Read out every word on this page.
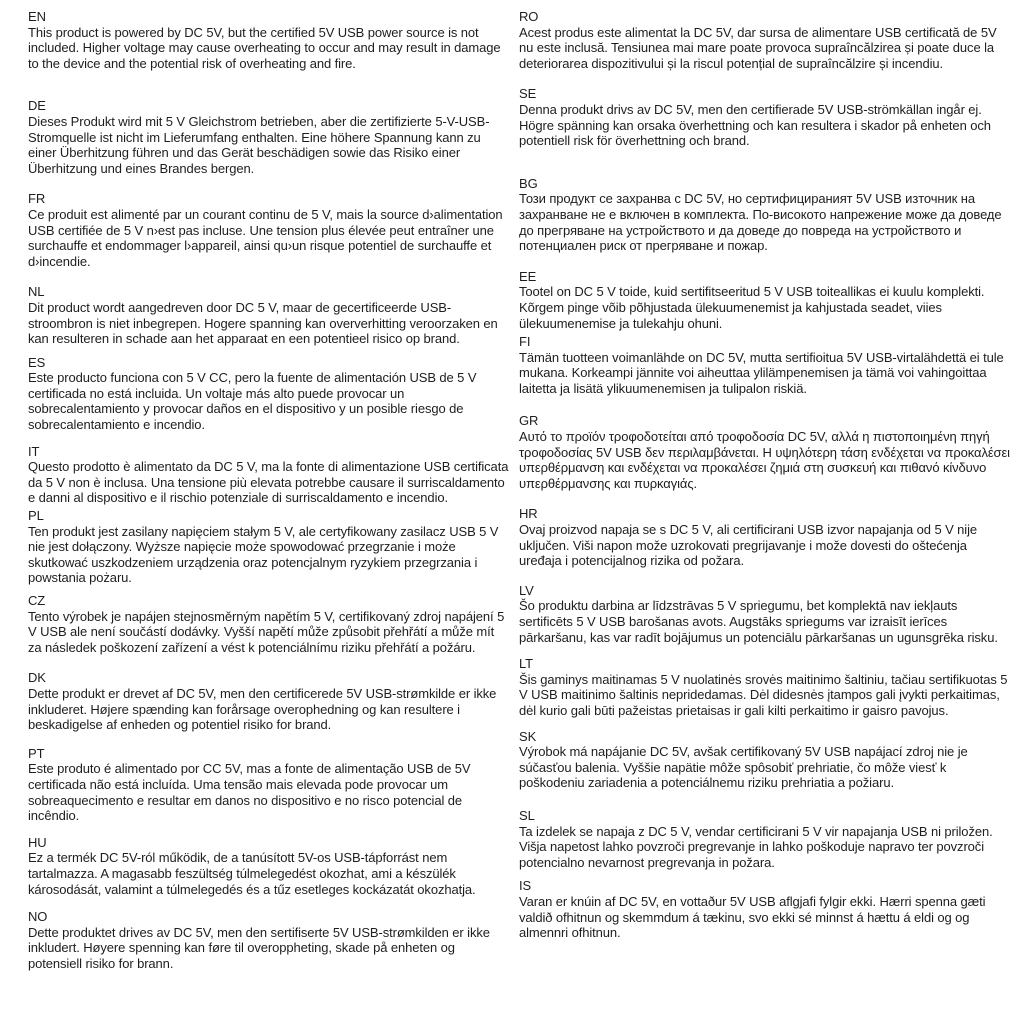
EN
This product is powered by DC 5V, but the certified 5V USB power source is not included. Higher voltage may cause overheating to occur and may result in damage to the device and the potential risk of overheating and fire.
DE
Dieses Produkt wird mit 5 V Gleichstrom betrieben, aber die zertifizierte 5-V-USB-Stromquelle ist nicht im Lieferumfang enthalten. Eine höhere Spannung kann zu einer Überhitzung führen und das Gerät beschädigen sowie das Risiko einer Überhitzung und eines Brandes bergen.
FR
Ce produit est alimenté par un courant continu de 5 V, mais la source d›alimentation USB certifiée de 5 V n›est pas incluse. Une tension plus élevée peut entraîner une surchauffe et endommager l›appareil, ainsi qu›un risque potentiel de surchauffe et d›incendie.
NL
Dit product wordt aangedreven door DC 5 V, maar de gecertificeerde USB-stroombron is niet inbegrepen. Hogere spanning kan oververhitting veroorzaken en kan resulteren in schade aan het apparaat en een potentieel risico op brand.
ES
Este producto funciona con 5 V CC, pero la fuente de alimentación USB de 5 V certificada no está incluida. Un voltaje más alto puede provocar un sobrecalentamiento y provocar daños en el dispositivo y un posible riesgo de sobrecalentamiento e incendio.
IT
Questo prodotto è alimentato da DC 5 V, ma la fonte di alimentazione USB certificata da 5 V non è inclusa. Una tensione più elevata potrebbe causare il surriscaldamento e danni al dispositivo e il rischio potenziale di surriscaldamento e incendio.
PL
Ten produkt jest zasilany napięciem stałym 5 V, ale certyfikowany zasilacz USB 5 V nie jest dołączony. Wyższe napięcie może spowodować przegrzanie i może skutkować uszkodzeniem urządzenia oraz potencjalnym ryzykiem przegrzania i powstania pożaru.
CZ
Tento výrobek je napájen stejnosměrným napětím 5 V, certifikovaný zdroj napájení 5 V USB ale není součástí dodávky. Vyšší napětí může způsobit přehřátí a může mít za následek poškození zařízení a vést k potenciálnímu riziku přehřátí a požáru.
DK
Dette produkt er drevet af DC 5V, men den certificerede 5V USB-strømkilde er ikke inkluderet. Højere spænding kan forårsage overophedning og kan resultere i beskadigelse af enheden og potentiel risiko for brand.
PT
Este produto é alimentado por CC 5V, mas a fonte de alimentação USB de 5V certificada não está incluída. Uma tensão mais elevada pode provocar um sobreaquecimento e resultar em danos no dispositivo e no risco potencial de incêndio.
HU
Ez a termék DC 5V-ról működik, de a tanúsított 5V-os USB-tápforrást nem tartalmazza. A magasabb feszültség túlmelegedést okozhat, ami a készülék károsodását, valamint a túlmelegedés és a tűz esetleges kockázatát okozhatja.
NO
Dette produktet drives av DC 5V, men den sertifiserte 5V USB-strømkilden er ikke inkludert. Høyere spenning kan føre til overoppheting, skade på enheten og potensiell risiko for brann.
RO
Acest produs este alimentat la DC 5V, dar sursa de alimentare USB certificată de 5V nu este inclusă. Tensiunea mai mare poate provoca supraîncălzirea și poate duce la deteriorarea dispozitivului și la riscul potențial de supraîncălzire și incendiu.
SE
Denna produkt drivs av DC 5V, men den certifierade 5V USB-strömkällan ingår ej. Högre spänning kan orsaka överhettning och kan resultera i skador på enheten och potentiell risk för överhettning och brand.
BG
Този продукт се захранва с DC 5V, но сертифицираният 5V USB източник на захранване не е включен в комплекта. По-високото напрежение може да доведе до прегряване на устройството и да доведе до повреда на устройството и потенциален риск от прегряване и пожар.
EE
Tootel on DC 5 V toide, kuid sertifitseeritud 5 V USB toiteallikas ei kuulu komplekti. Kõrgem pinge võib põhjustada ülekuumenemist ja kahjustada seadet, viies ülekuumenemise ja tulekahju ohuni.
FI
Tämän tuotteen voimanlähde on DC 5V, mutta sertifioitua 5V USB-virtalähdettä ei tule mukana. Korkeampi jännite voi aiheuttaa ylilämpenemisen ja tämä voi vahingoittaa laitetta ja lisätä ylikuumenemisen ja tulipalon riskiä.
GR
Αυτό το προϊόν τροφοδοτείται από τροφοδοσία DC 5V, αλλά η πιστοποιημένη πηγή τροφοδοσίας 5V USB δεν περιλαμβάνεται. Η υψηλότερη τάση ενδέχεται να προκαλέσει υπερθέρμανση και ενδέχεται να προκαλέσει ζημιά στη συσκευή και πιθανό κίνδυνο υπερθέρμανσης και πυρκαγιάς.
HR
Ovaj proizvod napaja se s DC 5 V, ali certificirani USB izvor napajanja od 5 V nije uključen. Viši napon može uzrokovati pregrijavanje i može dovesti do oštećenja uređaja i potencijalnog rizika od požara.
LV
Šo produktu darbina ar līdzstrāvas 5 V spriegumu, bet komplektā nav iekļauts sertificēts 5 V USB barošanas avots. Augstāks spriegums var izraisīt ierīces pārkaršanu, kas var radīt bojājumus un potenciālu pārkaršanas un ugunsgrēka risku.
LT
Šis gaminys maitinamas 5 V nuolatinės srovės maitinimo šaltiniu, tačiau sertifikuotas 5 V USB maitinimo šaltinis nepridedamas. Dėl didesnės įtampos gali įvykti perkaitimas, dėl kurio gali būti pažeistas prietaisas ir gali kilti perkaitimo ir gaisro pavojus.
SK
Výrobok má napájanie DC 5V, avšak certifikovaný 5V USB napájací zdroj nie je súčasťou balenia. Vyššie napätie môže spôsobiť prehriatie, čo môže viesť k poškodeniu zariadenia a potenciálnemu riziku prehriatia a požiaru.
SL
Ta izdelek se napaja z DC 5 V, vendar certificirani 5 V vir napajanja USB ni priložen. Višja napetost lahko povzroči pregrevanje in lahko poškoduje napravo ter povzroči potencialno nevarnost pregrevanja in požara.
IS
Varan er knúin af DC 5V, en vottaður 5V USB aflgjafi fylgir ekki. Hærri spenna gæti valdið ofhitnun og skemmdum á tækinu, svo ekki sé minnst á hættu á eldi og og almennri ofhitnun.
